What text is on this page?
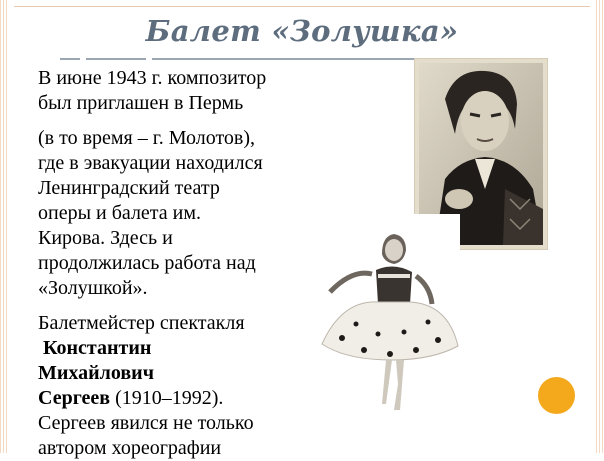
Балет «Золушка»

В июне 1943 г. композитор

был приглашен в Пермь

(в то время – г. Молотов),

где в эвакуации находился

Ленинградский театр

оперы и балета им.

Кирова. Здесь и

продолжилась работа над

«Золушкой».

Балетмейстер спектакля

Константин

Михайлович

Сергеев (1910–1992).

Сергеев явился не только

автором хореографии
